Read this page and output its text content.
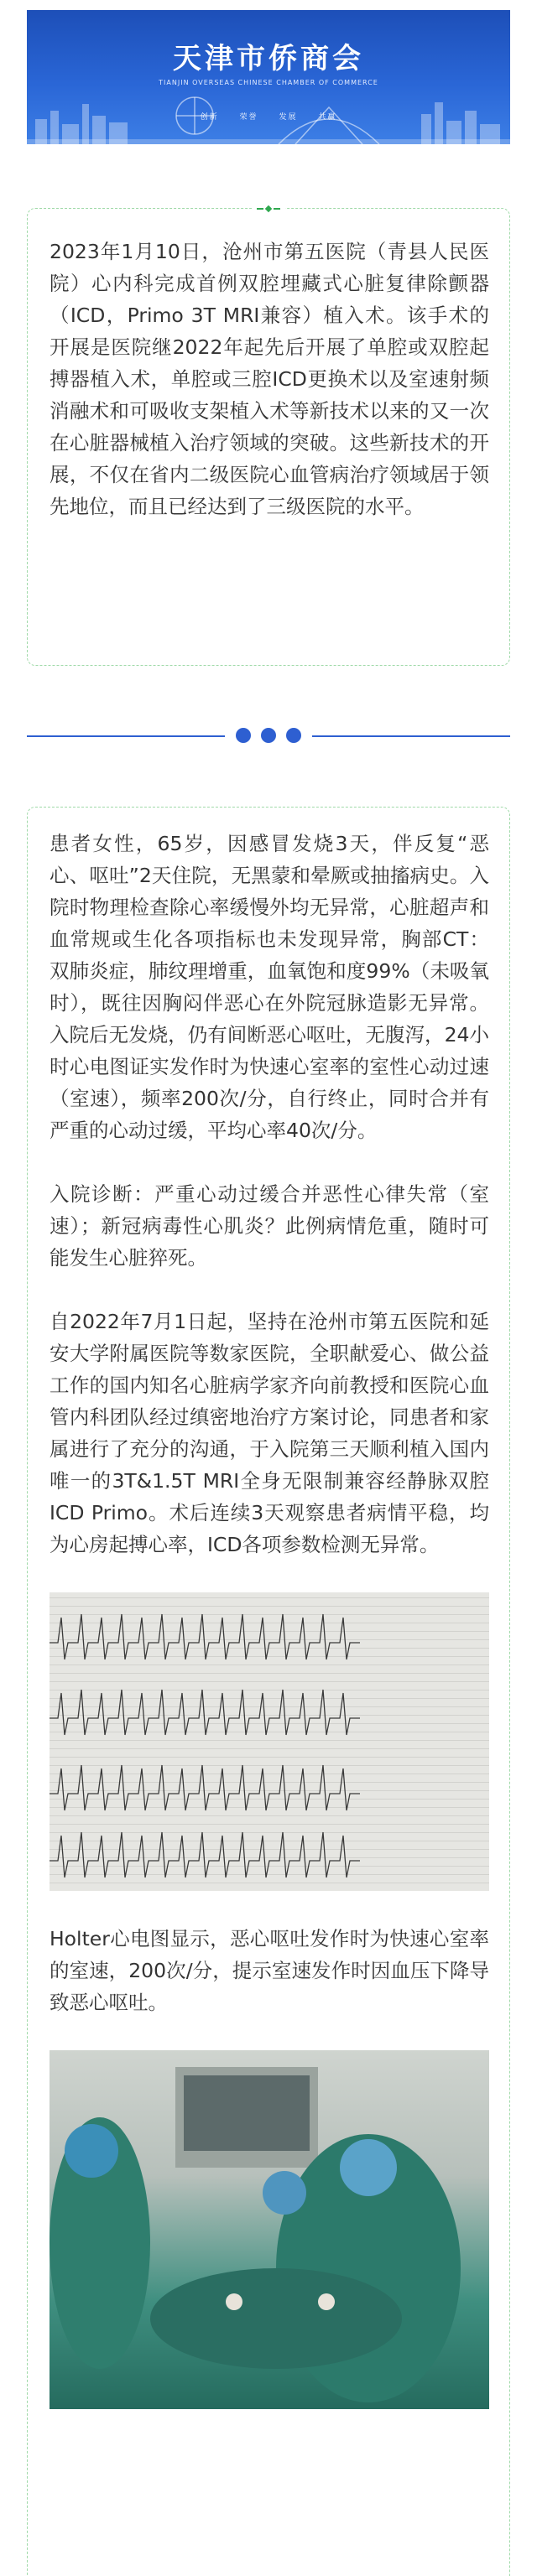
天津市侨商会
TIANJIN OVERSEAS CHINESE CHAMBER OF COMMERCE
创新	荣誉	发展	共赢

2023年1月10日，沧州市第五医院（青县人民医院）心内科完成首例双腔埋藏式心脏复律除颤器（ICD，Primo 3T MRI兼容）植入术。该手术的开展是医院继2022年起先后开展了单腔或双腔起搏器植入术，单腔或三腔ICD更换术以及室速射频消融术和可吸收支架植入术等新技术以来的又一次在心脏器械植入治疗领域的突破。这些新技术的开展，不仅在省内二级医院心血管病治疗领域居于领先地位，而且已经达到了三级医院的水平。

患者女性，65岁，因感冒发烧3天，伴反复“恶心、呕吐”2天住院，无黑蒙和晕厥或抽搐病史。入院时物理检查除心率缓慢外均无异常，心脏超声和血常规或生化各项指标也未发现异常，胸部CT：双肺炎症，肺纹理增重，血氧饱和度99%（未吸氧时），既往因胸闷伴恶心在外院冠脉造影无异常。入院后无发烧，仍有间断恶心呕吐，无腹泻，24小时心电图证实发作时为快速心室率的室性心动过速（室速），频率200次/分，自行终止，同时合并有严重的心动过缓，平均心率40次/分。

入院诊断：严重心动过缓合并恶性心律失常（室速）；新冠病毒性心肌炎？此例病情危重，随时可能发生心脏猝死。

自2022年7月1日起，坚持在沧州市第五医院和延安大学附属医院等数家医院，全职献爱心、做公益工作的国内知名心脏病学家齐向前教授和医院心血管内科团队经过缜密地治疗方案讨论，同患者和家属进行了充分的沟通，于入院第三天顺利植入国内唯一的3T&1.5T MRI全身无限制兼容经静脉双腔ICD Primo。术后连续3天观察患者病情平稳，均为心房起搏心率，ICD各项参数检测无异常。

Holter心电图显示，恶心呕吐发作时为快速心室率的室速，200次/分，提示室速发作时因血压下降导致恶心呕吐。
